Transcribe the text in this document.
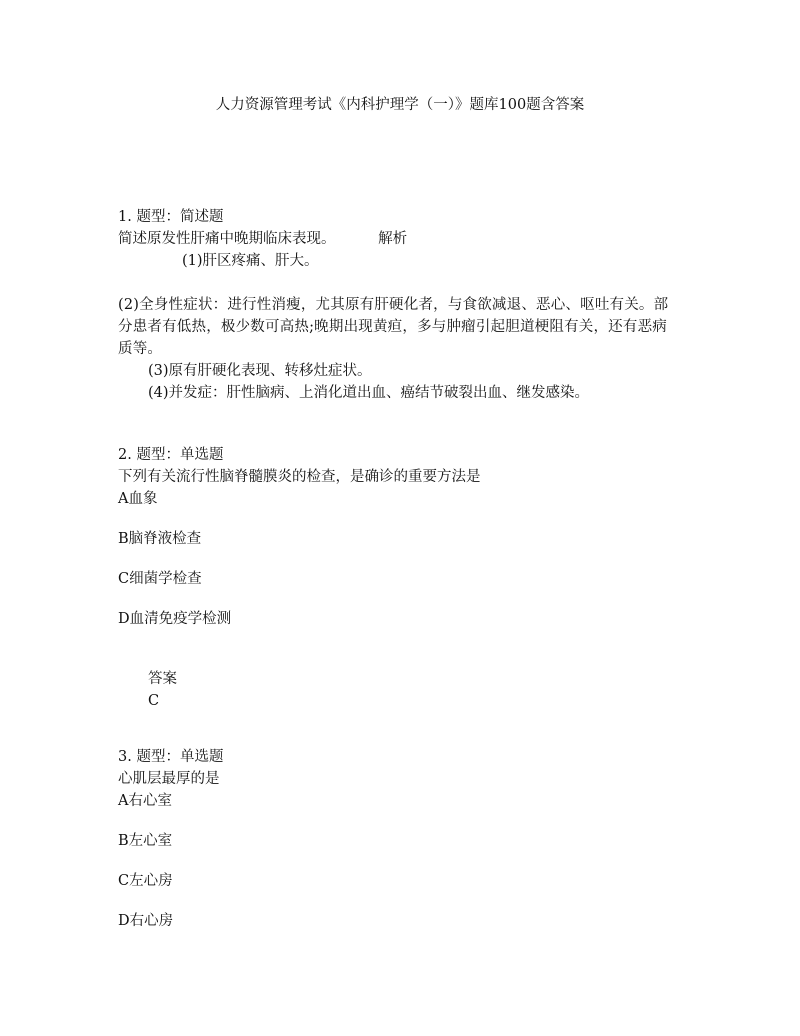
人力资源管理考试《内科护理学（一）》题库100题含答案
1. 题型：简述题
简述原发性肝痛中晚期临床表现。	解析
(1)肝区疼痛、肝大。
(2)全身性症状：进行性消瘦，尤其原有肝硬化者，与食欲减退、恶心、呕吐有关。部分患者有低热，极少数可高热;晚期出现黄疸，多与肿瘤引起胆道梗阻有关，还有恶病质等。
(3)原有肝硬化表现、转移灶症状。
(4)并发症：肝性脑病、上消化道出血、癌结节破裂出血、继发感染。
2. 题型：单选题
下列有关流行性脑脊髓膜炎的检查，是确诊的重要方法是
A血象
B脑脊液检查
C细菌学检查
D血清免疫学检测
答案
C
3. 题型：单选题
心肌层最厚的是
A右心室
B左心室
C左心房
D右心房
